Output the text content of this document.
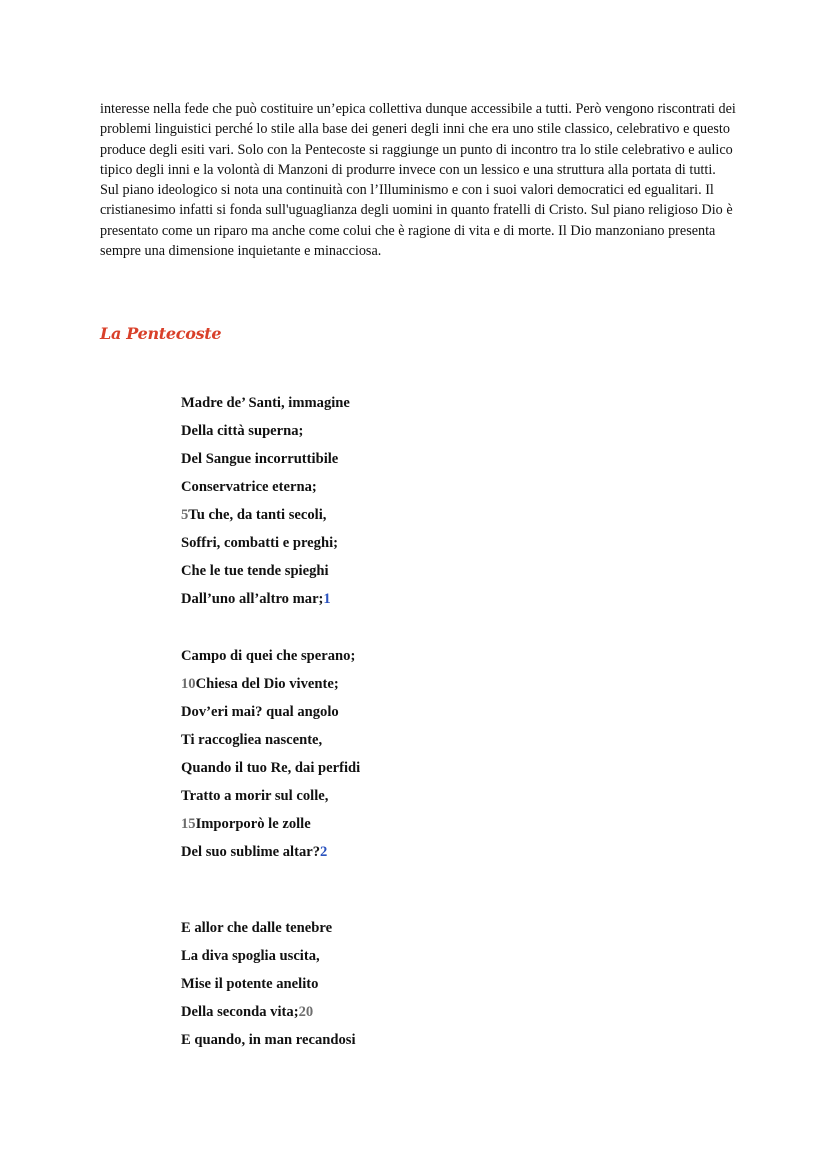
interesse nella fede che può costituire un’epica collettiva dunque accessibile a tutti. Però vengono riscontrati dei problemi linguistici perché lo stile alla base dei generi degli inni che era uno stile classico, celebrativo e questo produce degli esiti vari. Solo con la Pentecoste si raggiunge un punto di incontro tra lo stile celebrativo e aulico tipico degli inni e la volontà di Manzoni di produrre invece con un lessico e una struttura alla portata di tutti.

Sul piano ideologico si nota una continuità con l’Illuminismo e con i suoi valori democratici ed egualitari. Il cristianesimo infatti si fonda sull'uguaglianza degli uomini in quanto fratelli di Cristo. Sul piano religioso Dio è presentato come un riparo ma anche come colui che è ragione di vita e di morte. Il Dio manzoniano presenta sempre una dimensione inquietante e minacciosa.

La Pentecoste
Madre de’ Santi, immagine
Della città superna;
Del Sangue incorruttibile
Conservatrice eterna;
5Tu che, da tanti secoli,
Soffri, combatti e preghi;
Che le tue tende spieghi
Dall’uno all’altro mar;1
Campo di quei che sperano;
10Chiesa del Dio vivente;
Dov’eri mai? qual angolo
Ti raccogliea nascente,
Quando il tuo Re, dai perfidi
Tratto a morir sul colle,
15Imporporò le zolle
Del suo sublime altar?2
E allor che dalle tenebre
La diva spoglia uscita,
Mise il potente anelito
Della seconda vita;20
E quando, in man recandosi
